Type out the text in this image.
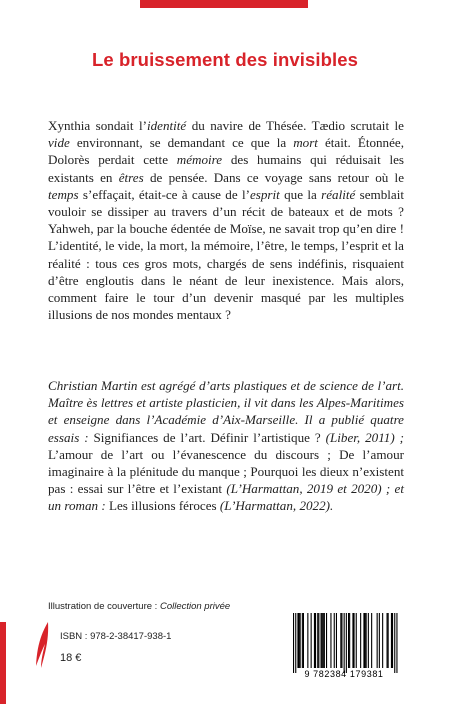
Le bruissement des invisibles

Xynthia sondait l’identité du navire de Thésée. Tædio scrutait le vide environnant, se demandant ce que la mort était. Étonnée, Dolorès perdait cette mémoire des humains qui réduisait les existants en êtres de pensée. Dans ce voyage sans retour où le temps s’effaçait, était-ce à cause de l’esprit que la réalité semblait vouloir se dissiper au travers d’un récit de bateaux et de mots ? Yahweh, par la bouche édentée de Moïse, ne savait trop qu’en dire ! L’identité, le vide, la mort, la mémoire, l’être, le temps, l’esprit et la réalité : tous ces gros mots, chargés de sens indéfinis, risquaient d’être engloutis dans le néant de leur inexistence. Mais alors, comment faire le tour d’un devenir masqué par les multiples illusions de nos mondes mentaux ?

Christian Martin est agrégé d’arts plastiques et de science de l’art. Maître ès lettres et artiste plasticien, il vit dans les Alpes-Maritimes et enseigne dans l’Académie d’Aix-Marseille. Il a publié quatre essais : Signifiances de l’art. Définir l’artistique ? (Liber, 2011) ; L’amour de l’art ou l’évanescence du discours ; De l’amour imaginaire à la plénitude du manque ; Pourquoi les dieux n’existent pas : essai sur l’être et l’existant (L’Harmattan, 2019 et 2020) ; et un roman : Les illusions féroces (L’Harmattan, 2022).

Illustration de couverture : Collection privée
ISBN : 978-2-38417-938-1
18 €
9 782384 179381
